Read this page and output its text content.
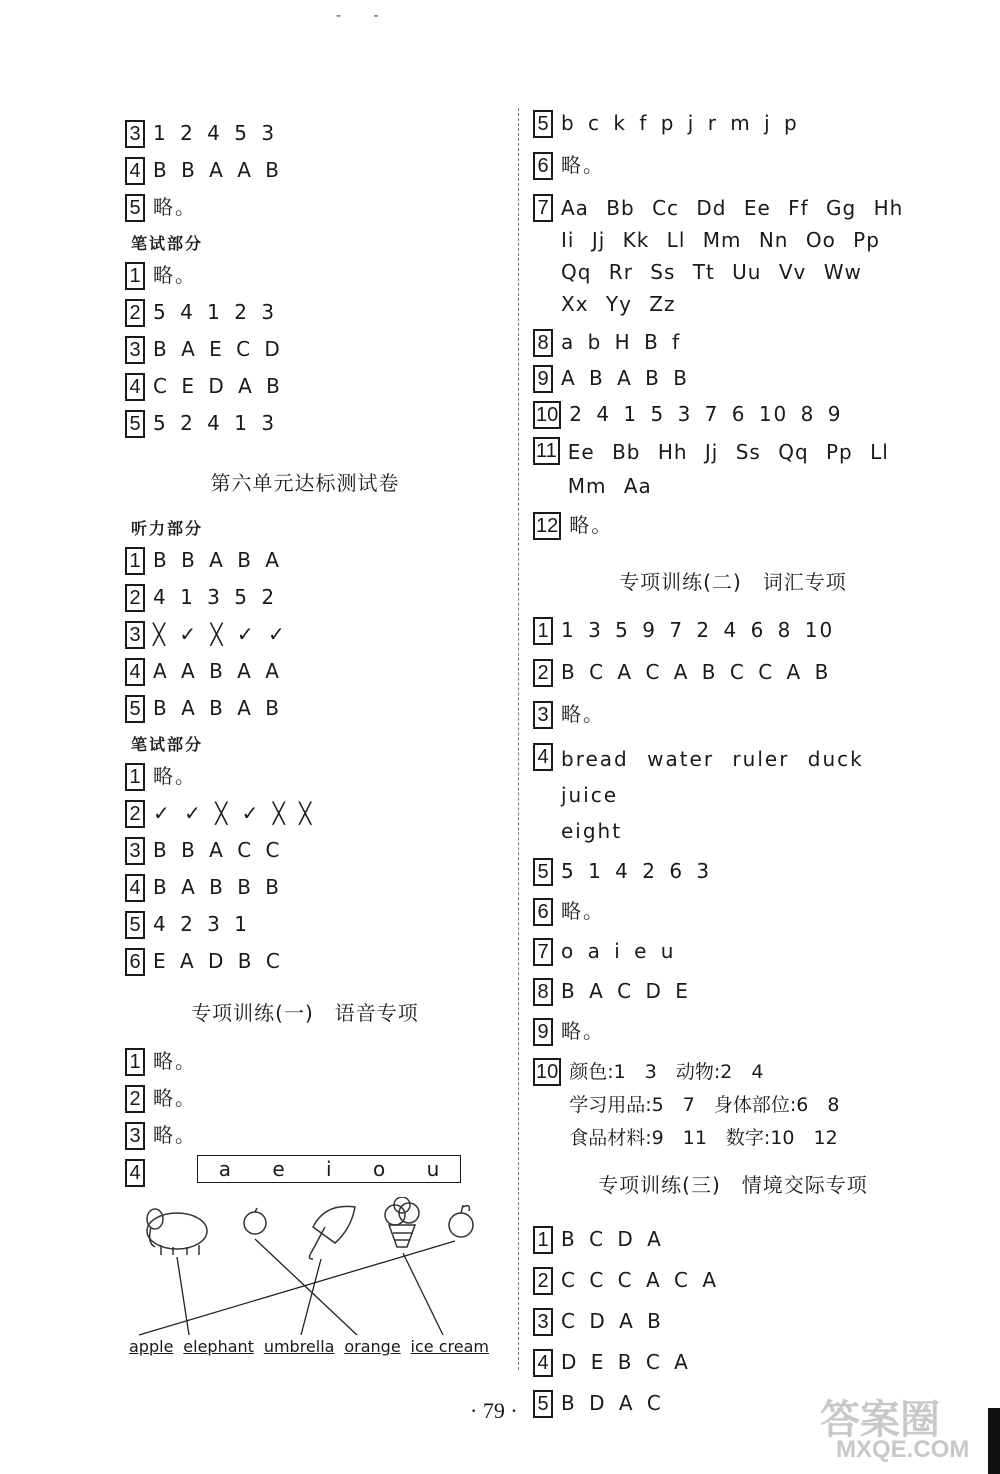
- -
3 1 2 4 5 3
4 B B A A B
5 略。
笔试部分
1 略。
2 5 4 1 2 3
3 B A E C D
4 C E D A B
5 5 2 4 1 3
第六单元达标测试卷
听力部分
1 B B A B A
2 4 1 3 5 2
3 ╳ ✓ ╳ ✓ ✓
4 A A B A A
5 B A B A B
笔试部分
1 略。
2 ✓ ✓ ╳ ✓ ╳ ╳
3 B B A C C
4 B A B B B
5 4 2 3 1
6 E A D B C
专项训练(一)　语音专项
1 略。
2 略。
3 略。
4	a e i o u
apple elephant umbrella orange ice cream
5 b c k f p j r m j p
6 略。
7 Aa Bb Cc Dd Ee Ff Gg Hh
Ii Jj Kk Ll Mm Nn Oo Pp
Qq Rr Ss Tt Uu Vv Ww
Xx Yy Zz
8 a b H B f
9 A B A B B
10 2 4 1 5 3 7 6 10 8 9
11 Ee Bb Hh Jj Ss Qq Pp Ll
Mm Aa
12 略。
专项训练(二)　词汇专项
1 1 3 5 9 7 2 4 6 8 10
2 B C A C A B C C A B
3 略。
4 bread water ruler duck juice
eight
5 5 1 4 2 6 3
6 略。
7 o a i e u
8 B A C D E
9 略。
10 颜色:1　3　动物:2　4
学习用品:5　7　身体部位:6　8
食品材料:9　11　数字:10　12
专项训练(三)　情境交际专项
1 B C D A
2 C C C A C A
3 C D A B
4 D E B C A
5 B D A C
· 79 ·	答案圈
MXQE.COM
